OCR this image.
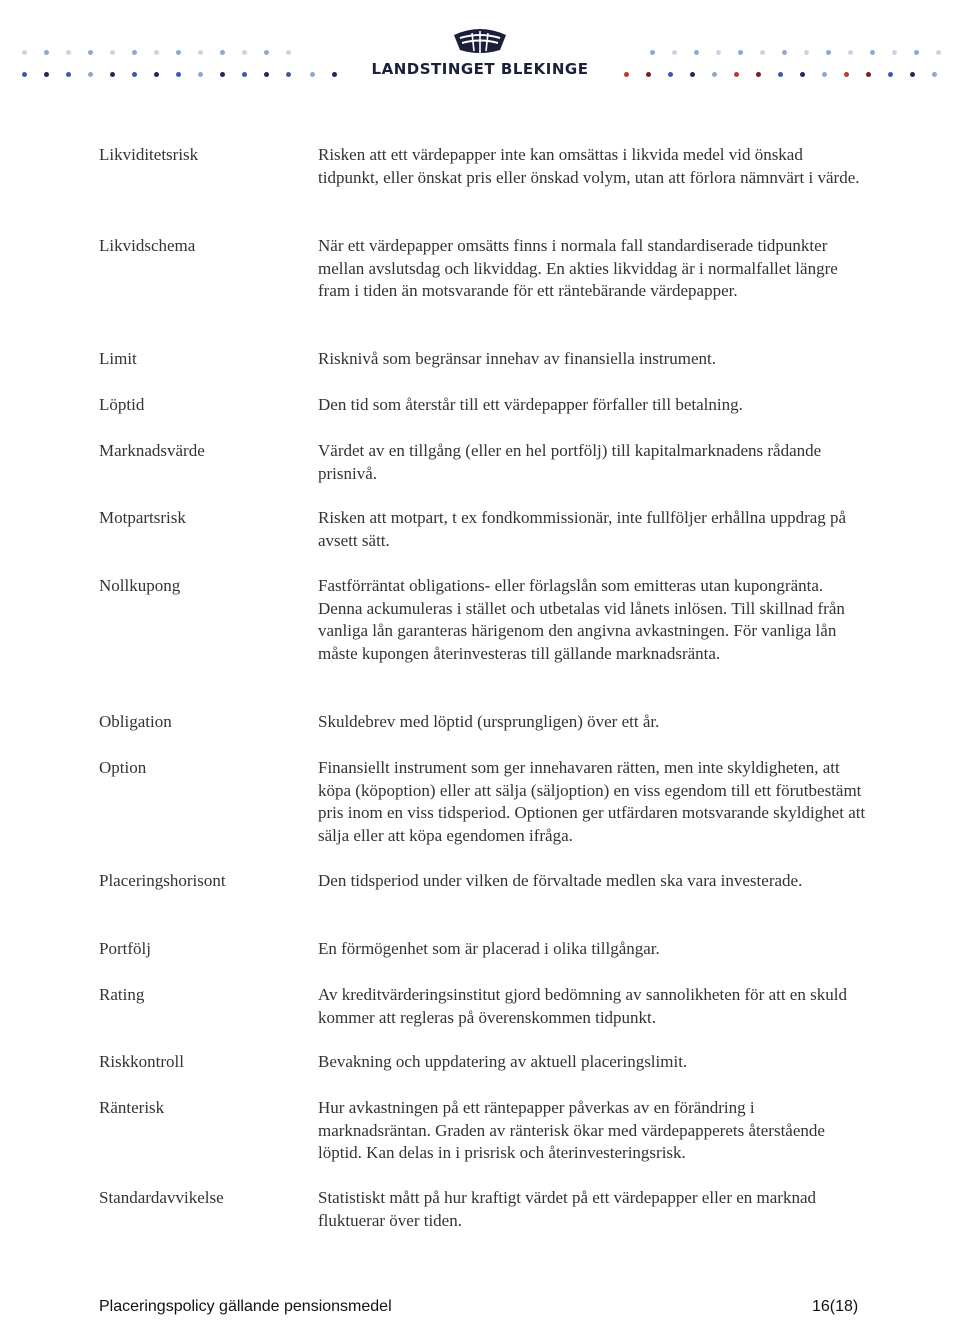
LANDSTINGET BLEKINGE
Likviditetsrisk	Risken att ett värdepapper inte kan omsättas i likvida medel vid önskad tidpunkt, eller önskat pris eller önskad volym, utan att förlora nämnvärt i värde.
Likvidschema	När ett värdepapper omsätts finns i normala fall standardiserade tidpunkter mellan avslutsdag och likviddag. En akties likviddag är i normalfallet längre fram i tiden än motsvarande för ett räntebärande värdepapper.
Limit	Risknivå som begränsar innehav av finansiella instrument.
Löptid	Den tid som återstår till ett värdepapper förfaller till betalning.
Marknadsvärde	Värdet av en tillgång (eller en hel portfölj) till kapitalmarknadens rådande prisnivå.
Motpartsrisk	Risken att motpart, t ex fondkommissionär, inte fullföljer erhållna uppdrag på avsett sätt.
Nollkupong	Fastförräntat obligations- eller förlagslån som emitteras utan kupongränta. Denna ackumuleras i stället och utbetalas vid lånets inlösen. Till skillnad från vanliga lån garanteras härigenom den angivna avkastningen. För vanliga lån måste kupongen återinvesteras till gällande marknadsränta.
Obligation	Skuldebrev med löptid (ursprungligen) över ett år.
Option	Finansiellt instrument som ger innehavaren rätten, men inte skyldigheten, att köpa (köpoption) eller att sälja (säljoption) en viss egendom till ett förutbestämt pris inom en viss tidsperiod. Optionen ger utfärdaren motsvarande skyldighet att sälja eller att köpa egendomen ifråga.
Placeringshorisont	Den tidsperiod under vilken de förvaltade medlen ska vara investerade.
Portfölj	En förmögenhet som är placerad i olika tillgångar.
Rating	Av kreditvärderingsinstitut gjord bedömning av sannolikheten för att en skuld kommer att regleras på överenskommen tidpunkt.
Riskkontroll	Bevakning och uppdatering av aktuell placeringslimit.
Ränterisk	Hur avkastningen på ett räntepapper påverkas av en förändring i marknadsräntan. Graden av ränterisk ökar med värdepapperets återstående löptid. Kan delas in i prisrisk och återinvesteringsrisk.
Standardavvikelse	Statistiskt mått på hur kraftigt värdet på ett värdepapper eller en marknad fluktuerar över tiden.
Placeringspolicy gällande pensionsmedel	16(18)
